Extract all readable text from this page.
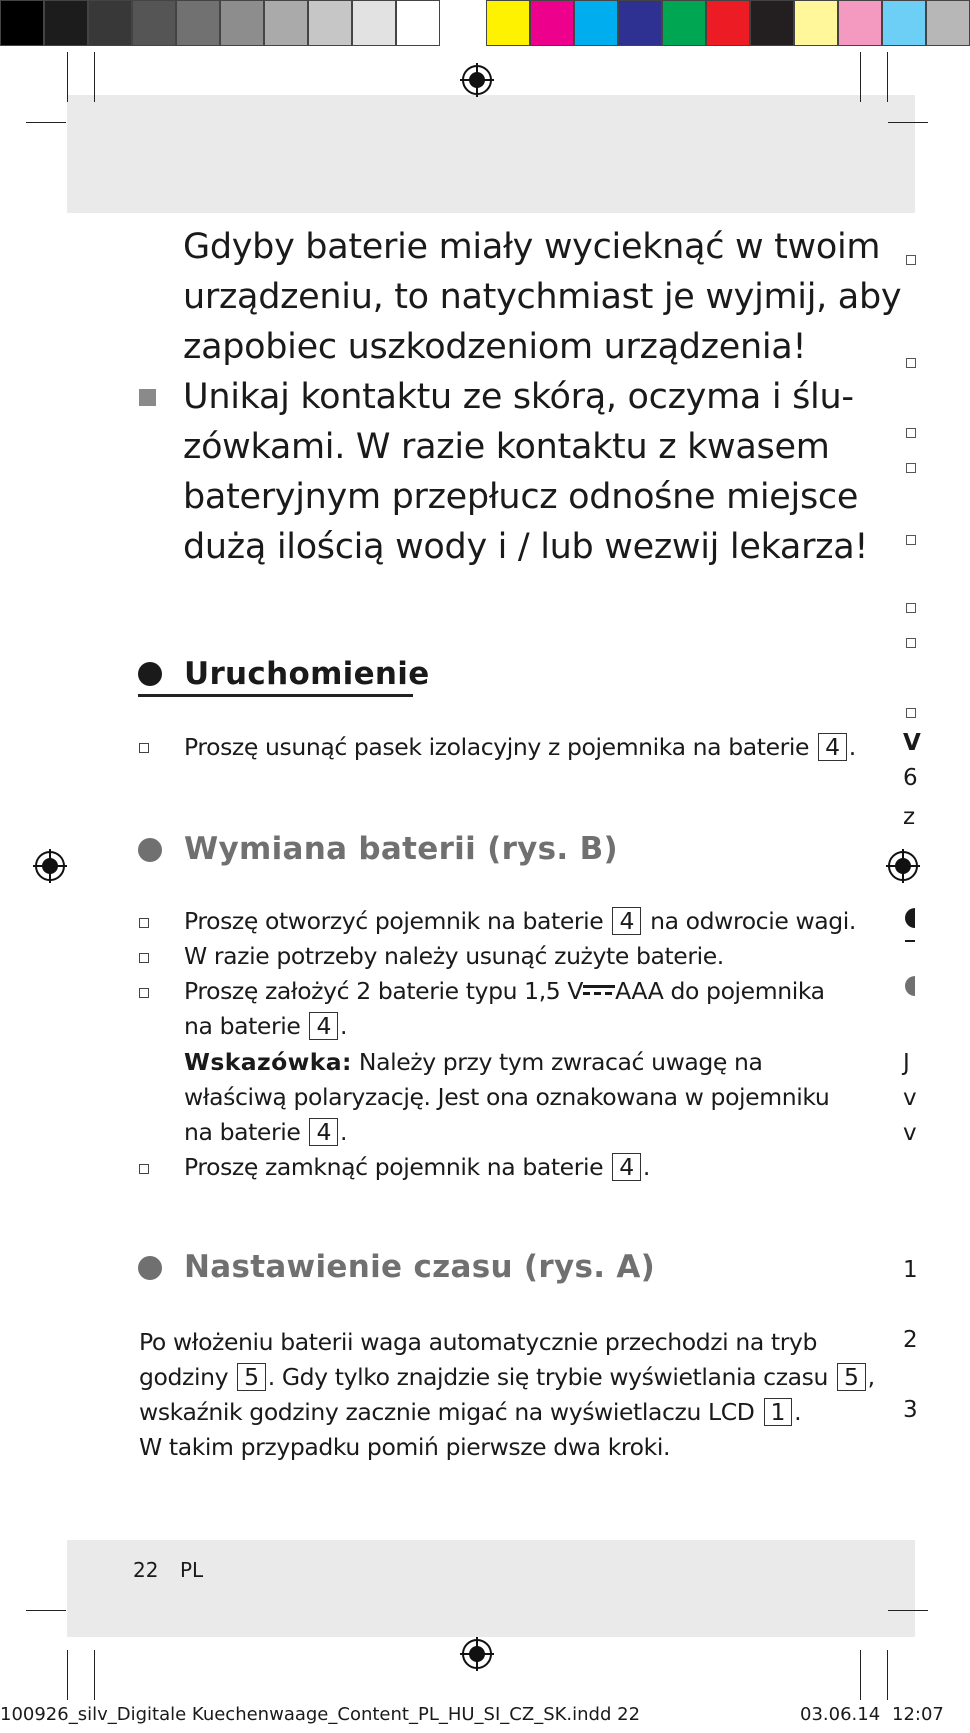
Gdyby baterie miały wycieknąć w twoim
urządzeniu, to natychmiast je wyjmij, aby
zapobiec uszkodzeniom urządzenia!
Unikaj kontaktu ze skórą, oczyma i ślu-
zówkami. W razie kontaktu z kwasem
bateryjnym przepłucz odnośne miejsce
dużą ilością wody i / lub wezwij lekarza!
Uruchomienie
Proszę usunąć pasek izolacyjny z pojemnika na baterie 4 .
Wymiana baterii (rys. B)
Proszę otworzyć pojemnik na baterie 4 na odwrocie wagi.
W razie potrzeby należy usunąć zużyte baterie.
Proszę założyć 2 baterie typu 1,5 V AAA do pojemnika
na baterie 4 .
Wskazówka: Należy przy tym zwracać uwagę na
właściwą polaryzację. Jest ona oznakowana w pojemniku
na baterie 4 .
Proszę zamknąć pojemnik na baterie 4 .
Nastawienie czasu (rys. A)
Po włożeniu baterii waga automatycznie przechodzi na tryb
godziny 5 . Gdy tylko znajdzie się trybie wyświetlania czasu 5 ,
wskaźnik godziny zacznie migać na wyświetlaczu LCD 1 .
W takim przypadku pomiń pierwsze dwa kroki.
22 PL
100926_silv_Digitale Kuechenwaage_Content_PL_HU_SI_CZ_SK.indd 22	03.06.14 12:07
V
6
z
J
v
v
1
2
3
